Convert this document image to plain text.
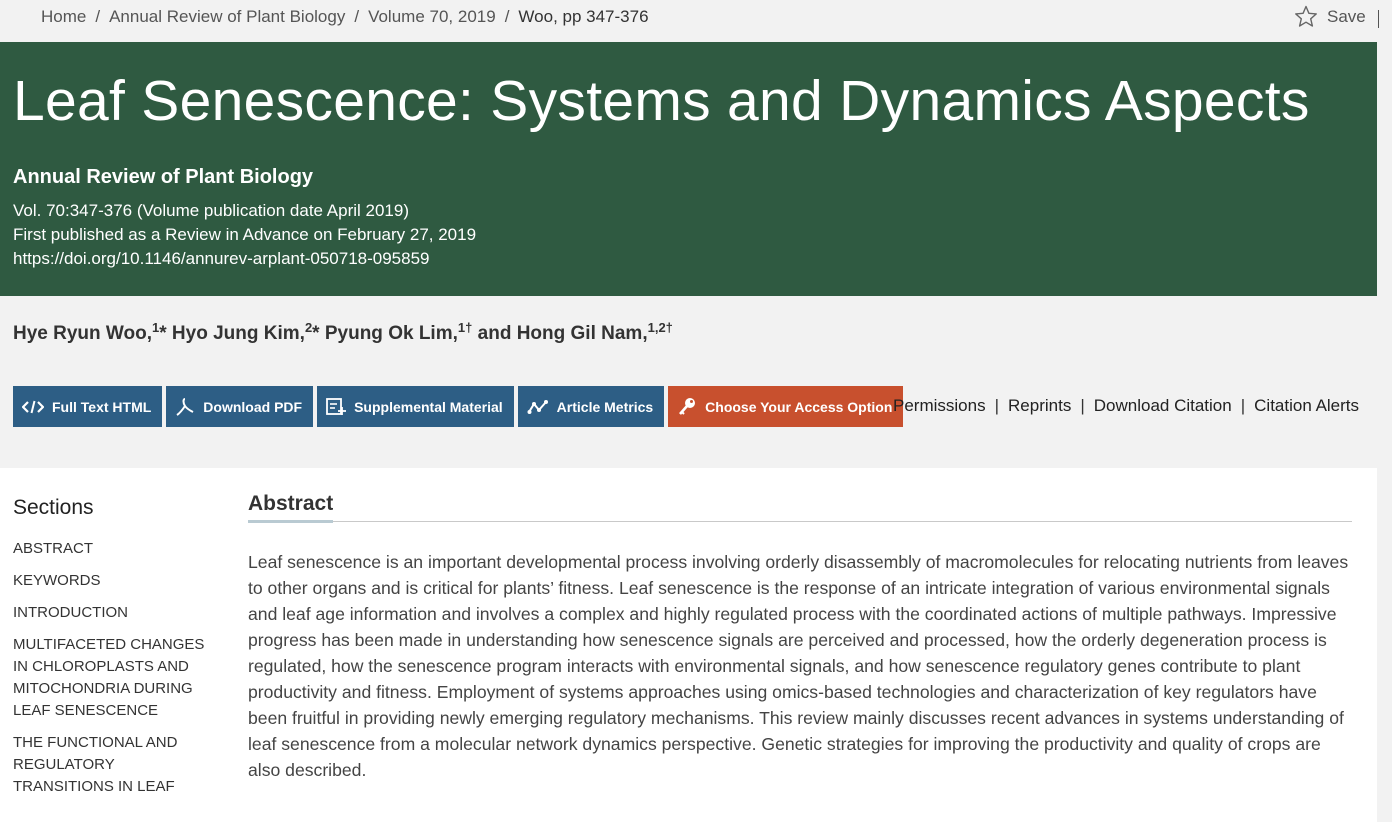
Home / Annual Review of Plant Biology / Volume 70, 2019 / Woo, pp 347-376	Save
Leaf Senescence: Systems and Dynamics Aspects
Annual Review of Plant Biology
Vol. 70:347-376 (Volume publication date April 2019)
First published as a Review in Advance on February 27, 2019
https://doi.org/10.1146/annurev-arplant-050718-095859
Hye Ryun Woo,$^1$* Hyo Jung Kim,$^2$* Pyung Ok Lim,$^{1\dagger}$ and Hong Gil Nam,$^{1,2\dagger}$
Full Text HTML	Download PDF	Supplemental Material	Article Metrics	Choose Your Access Option Permissions | Reprints | Download Citation | Citation Alerts
Sections
ABSTRACT
KEYWORDS
INTRODUCTION
MULTIFACETED CHANGES IN CHLOROPLASTS AND MITOCHONDRIA DURING LEAF SENESCENCE
THE FUNCTIONAL AND REGULATORY TRANSITIONS IN LEAF
Abstract

Leaf senescence is an important developmental process involving orderly disassembly of macromolecules for relocating nutrients from leaves to other organs and is critical for plants’ fitness. Leaf senescence is the response of an intricate integration of various environmental signals and leaf age information and involves a complex and highly regulated process with the coordinated actions of multiple pathways. Impressive progress has been made in understanding how senescence signals are perceived and processed, how the orderly degeneration process is regulated, how the senescence program interacts with environmental signals, and how senescence regulatory genes contribute to plant productivity and fitness. Employment of systems approaches using omics-based technologies and characterization of key regulators have been fruitful in providing newly emerging regulatory mechanisms. This review mainly discusses recent advances in systems understanding of leaf senescence from a molecular network dynamics perspective. Genetic strategies for improving the productivity and quality of crops are also described.
